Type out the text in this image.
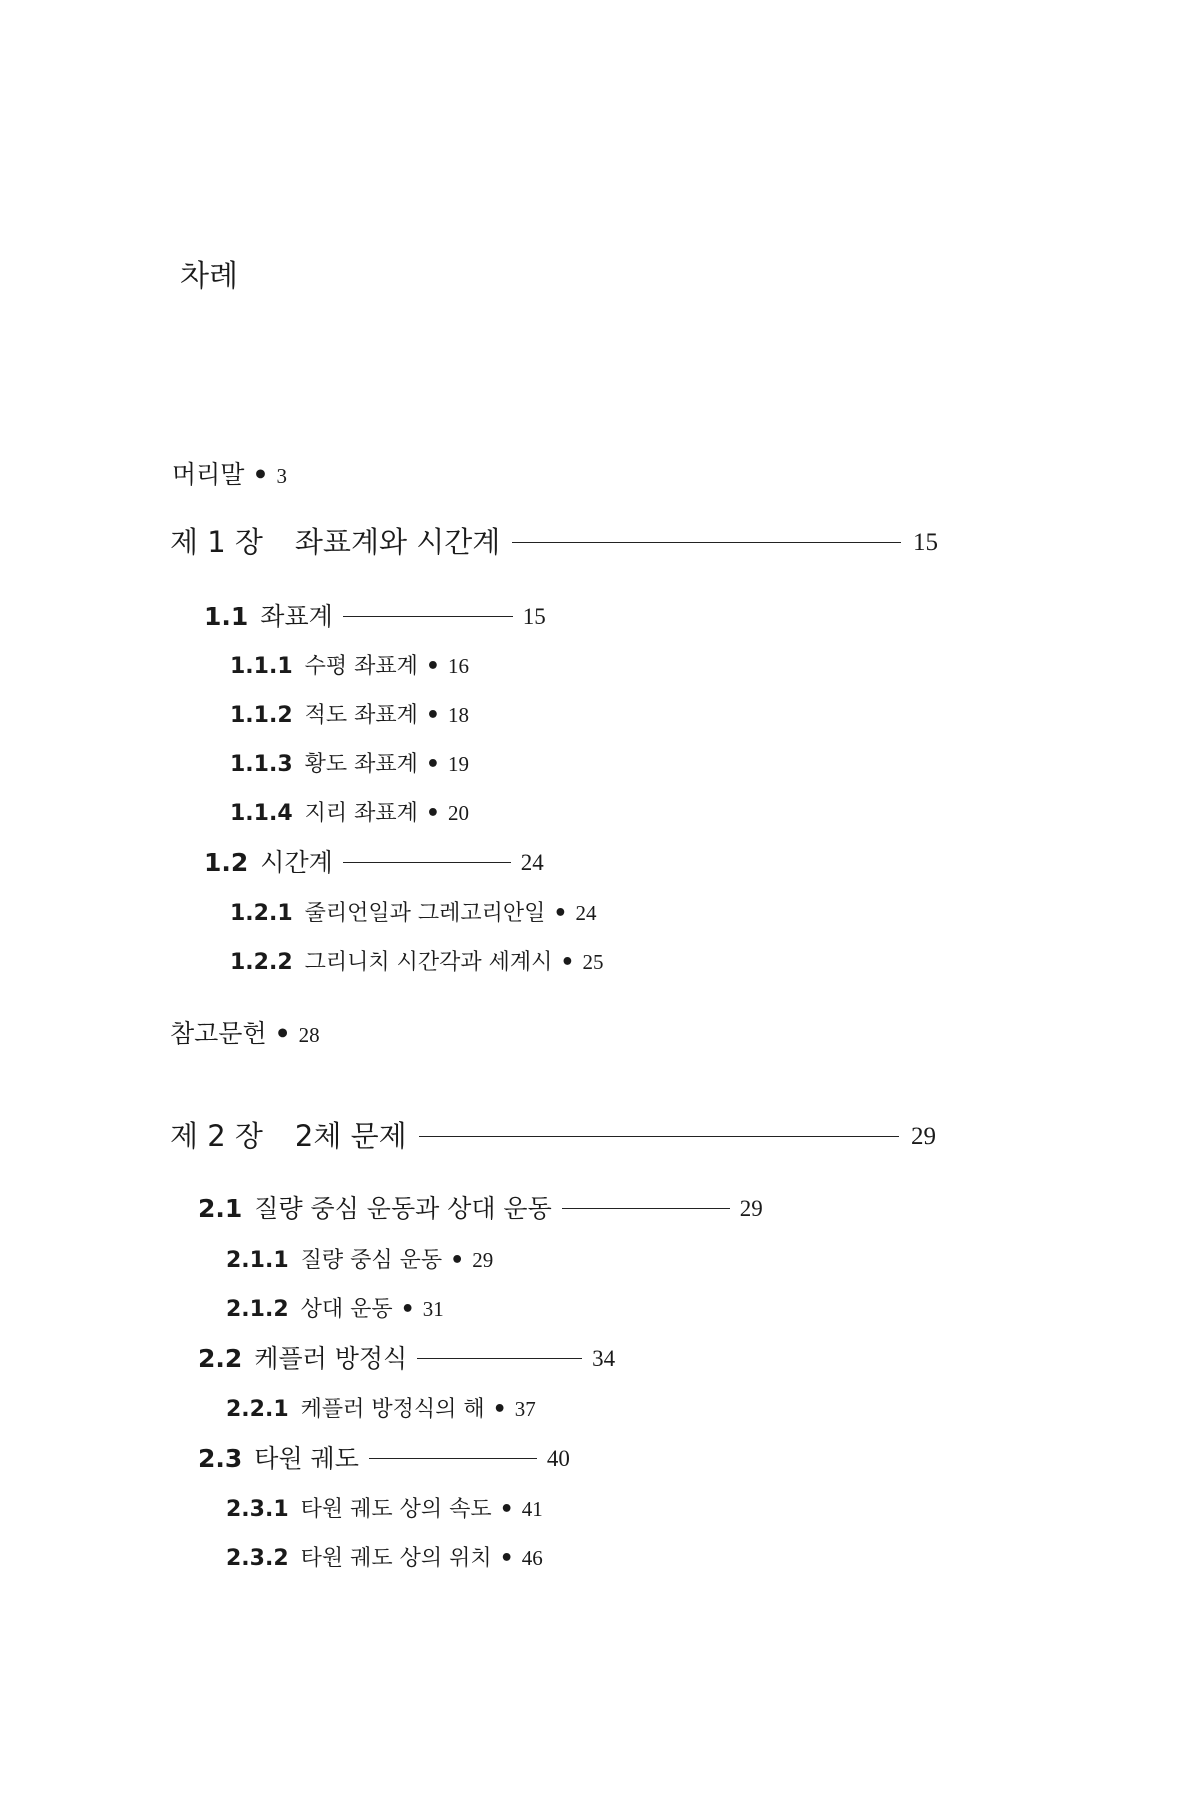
차례
머리말 • 3
제 1 장 좌표계와 시간계	15
1.1 좌표계	15
1.1.1 수평 좌표계 • 16
1.1.2 적도 좌표계 • 18
1.1.3 황도 좌표계 • 19
1.1.4 지리 좌표계 • 20
1.2 시간계	24
1.2.1 줄리언일과 그레고리안일 • 24
1.2.2 그리니치 시간각과 세계시 • 25
참고문헌 • 28
제 2 장 2체 문제	29
2.1 질량 중심 운동과 상대 운동	29
2.1.1 질량 중심 운동 • 29
2.1.2 상대 운동 • 31
2.2 케플러 방정식	34
2.2.1 케플러 방정식의 해 • 37
2.3 타원 궤도	40
2.3.1 타원 궤도 상의 속도 • 41
2.3.2 타원 궤도 상의 위치 • 46
